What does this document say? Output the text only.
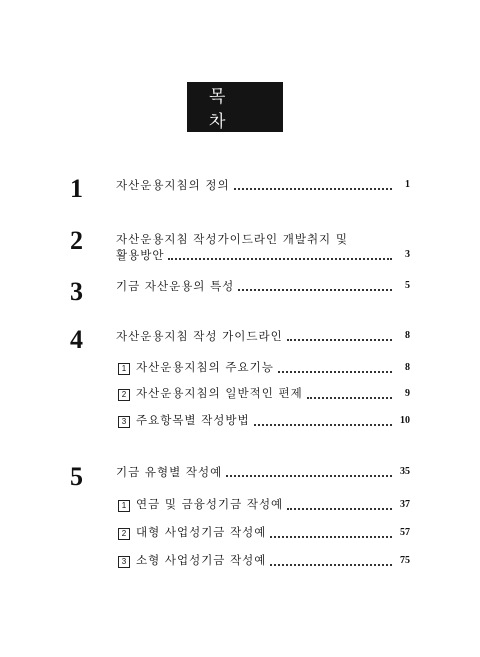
목 차
1	자산운용지침의 정의	1
2	자산운용지침 작성가이드라인 개발취지 및
활용방안	3
3	기금 자산운용의 특성	5
4	자산운용지침 작성 가이드라인	8
1 자산운용지침의 주요기능	8
2 자산운용지침의 일반적인 편제	9
3 주요항목별 작성방법	10
5	기금 유형별 작성예	35
1 연금 및 금융성기금 작성예	37
2 대형 사업성기금 작성예	57
3 소형 사업성기금 작성예	75
